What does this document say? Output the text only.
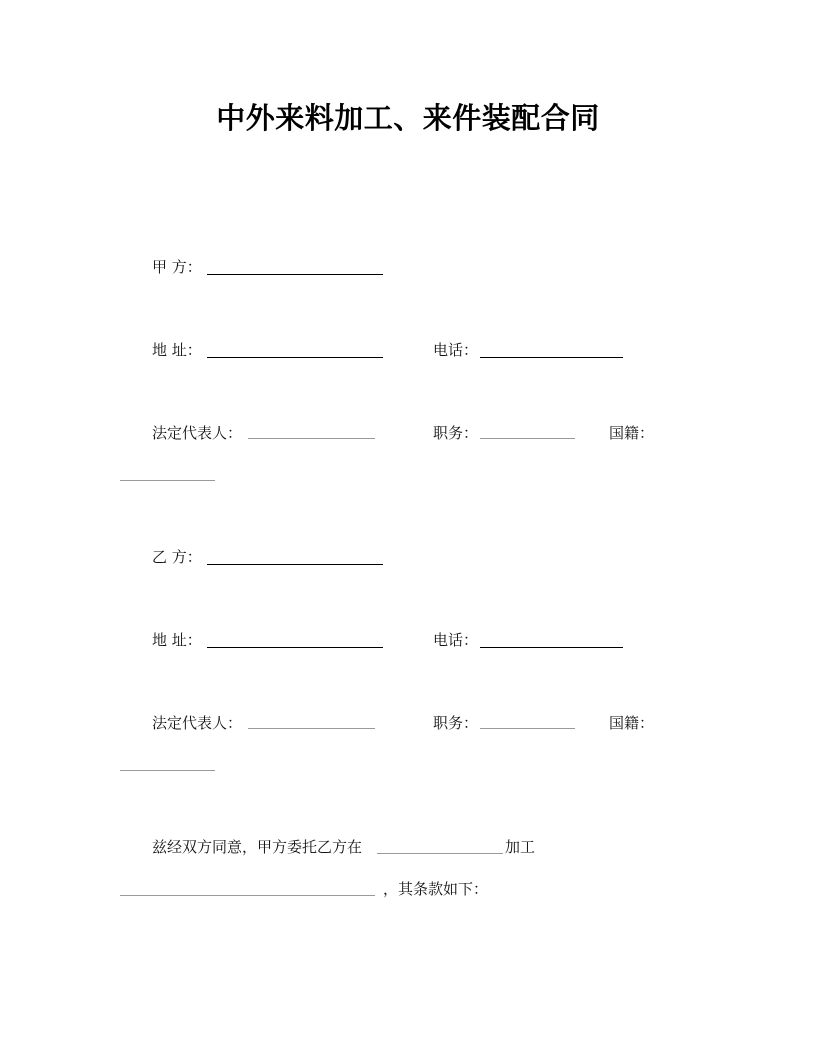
中外来料加工、来件装配合同
甲 方：
地 址：	电话：
法定代表人：	职务：	国籍：
乙 方：
地 址：	电话：
法定代表人：	职务：	国籍：
兹经双方同意，甲方委托乙方在	加工
，其条款如下：
